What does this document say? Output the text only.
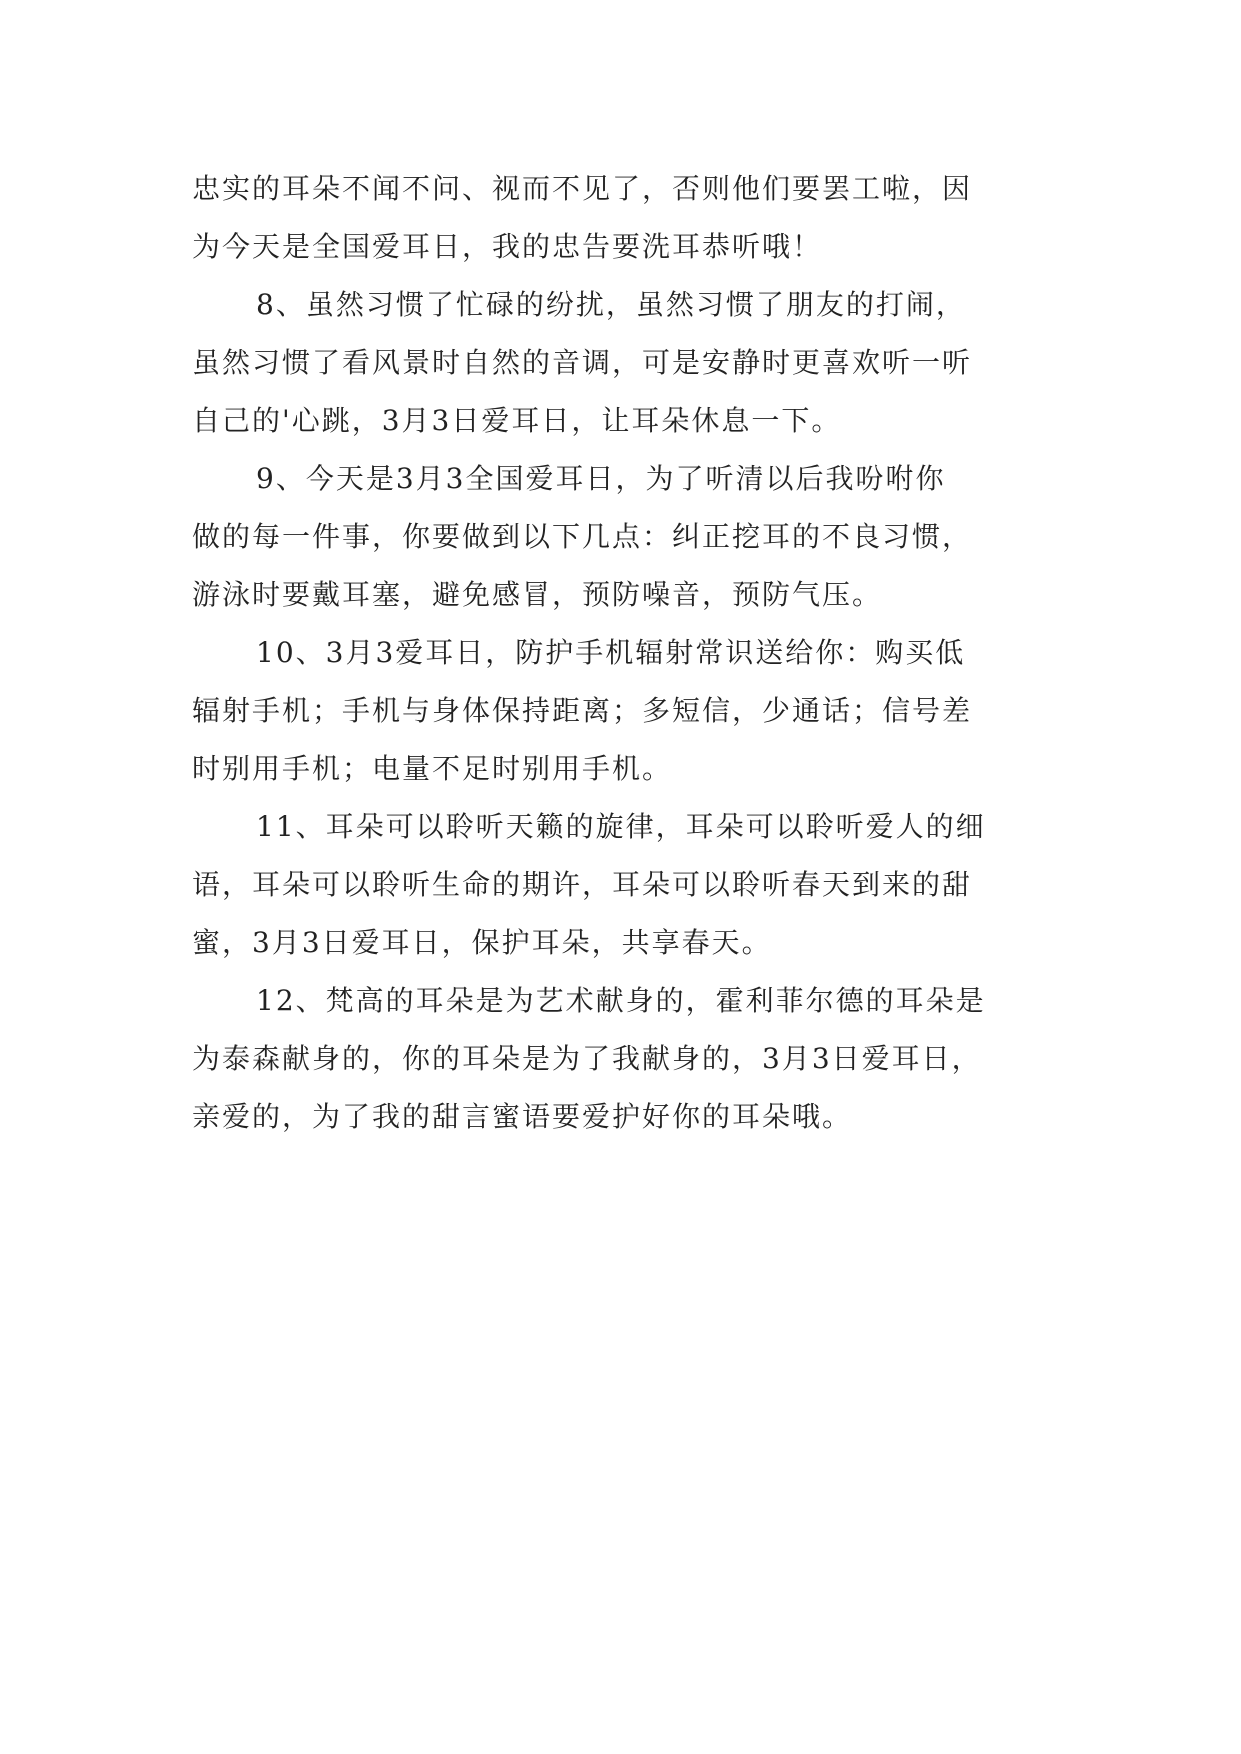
忠实的耳朵不闻不问、视而不见了，否则他们要罢工啦，因
为今天是全国爱耳日，我的忠告要洗耳恭听哦！
8、虽然习惯了忙碌的纷扰，虽然习惯了朋友的打闹，
虽然习惯了看风景时自然的音调，可是安静时更喜欢听一听
自己的'心跳，3月3日爱耳日，让耳朵休息一下。
9、今天是3月3全国爱耳日，为了听清以后我吩咐你
做的每一件事，你要做到以下几点：纠正挖耳的不良习惯，
游泳时要戴耳塞，避免感冒，预防噪音，预防气压。
10、3月3爱耳日，防护手机辐射常识送给你：购买低
辐射手机；手机与身体保持距离；多短信，少通话；信号差
时别用手机；电量不足时别用手机。
11、耳朵可以聆听天籁的旋律，耳朵可以聆听爱人的细
语，耳朵可以聆听生命的期许，耳朵可以聆听春天到来的甜
蜜，3月3日爱耳日，保护耳朵，共享春天。
12、梵高的耳朵是为艺术献身的，霍利菲尔德的耳朵是
为泰森献身的，你的耳朵是为了我献身的，3月3日爱耳日，
亲爱的，为了我的甜言蜜语要爱护好你的耳朵哦。
